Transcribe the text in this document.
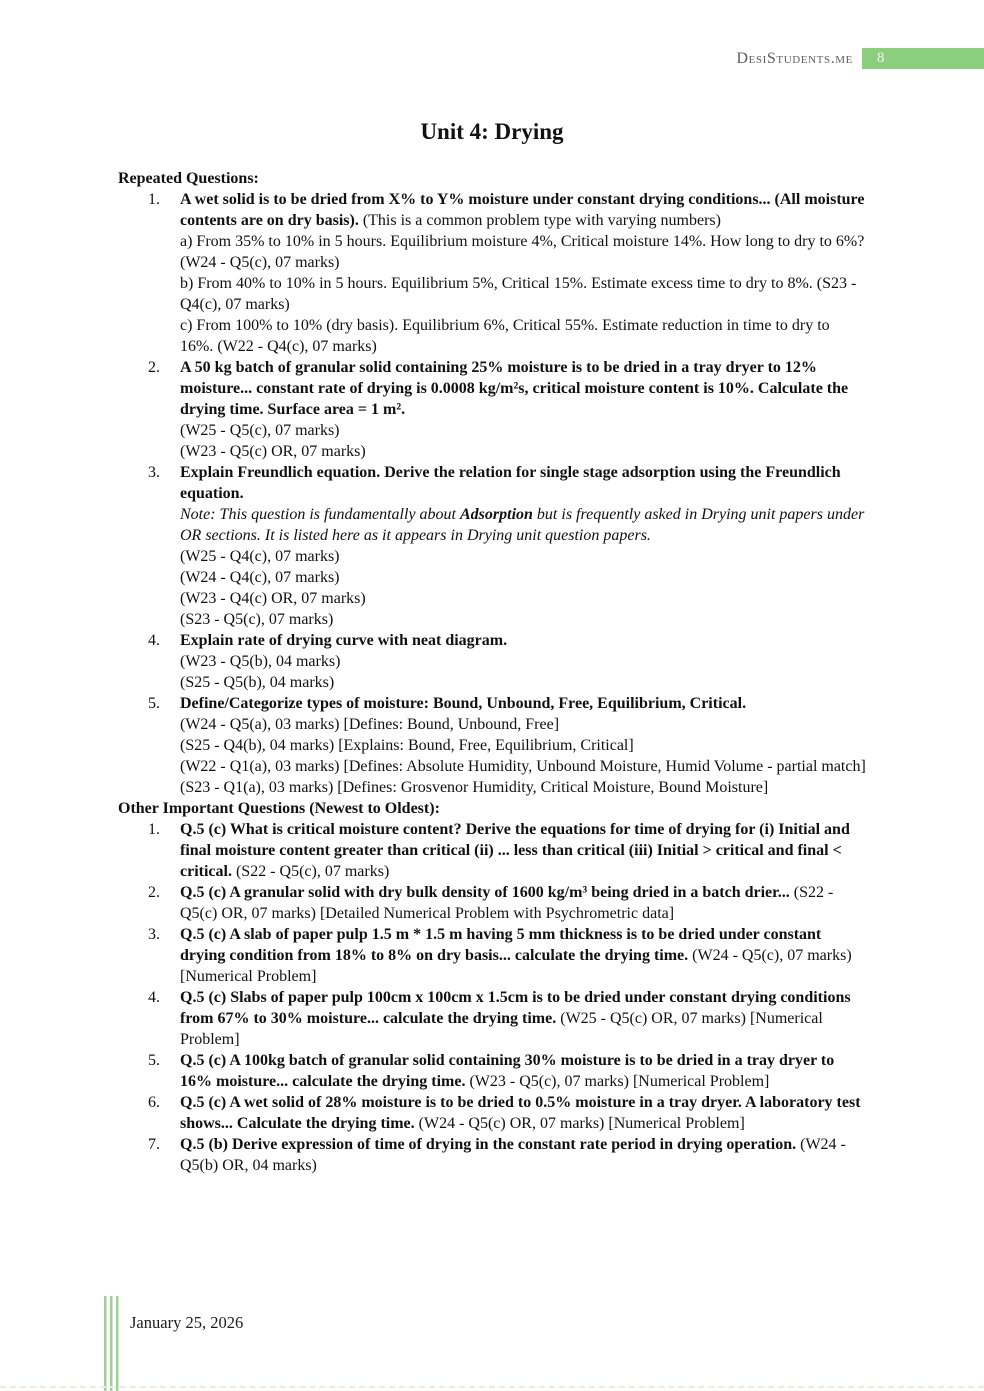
DesiStudents.me 8
Unit 4: Drying
Repeated Questions:
1.	A wet solid is to be dried from X% to Y% moisture under constant drying conditions... (All moisture contents are on dry basis). (This is a common problem type with varying numbers)
a) From 35% to 10% in 5 hours. Equilibrium moisture 4%, Critical moisture 14%. How long to dry to 6%? (W24 - Q5(c), 07 marks)
b) From 40% to 10% in 5 hours. Equilibrium 5%, Critical 15%. Estimate excess time to dry to 8%. (S23 - Q4(c), 07 marks)
c) From 100% to 10% (dry basis). Equilibrium 6%, Critical 55%. Estimate reduction in time to dry to 16%. (W22 - Q4(c), 07 marks)
2.	A 50 kg batch of granular solid containing 25% moisture is to be dried in a tray dryer to 12% moisture... constant rate of drying is 0.0008 kg/m²s, critical moisture content is 10%. Calculate the drying time. Surface area = 1 m².
(W25 - Q5(c), 07 marks)
(W23 - Q5(c) OR, 07 marks)
3.	Explain Freundlich equation. Derive the relation for single stage adsorption using the Freundlich equation.
Note: This question is fundamentally about Adsorption but is frequently asked in Drying unit papers under OR sections. It is listed here as it appears in Drying unit question papers.
(W25 - Q4(c), 07 marks)
(W24 - Q4(c), 07 marks)
(W23 - Q4(c) OR, 07 marks)
(S23 - Q5(c), 07 marks)
4.	Explain rate of drying curve with neat diagram.
(W23 - Q5(b), 04 marks)
(S25 - Q5(b), 04 marks)
5.	Define/Categorize types of moisture: Bound, Unbound, Free, Equilibrium, Critical.
(W24 - Q5(a), 03 marks) [Defines: Bound, Unbound, Free]
(S25 - Q4(b), 04 marks) [Explains: Bound, Free, Equilibrium, Critical]
(W22 - Q1(a), 03 marks) [Defines: Absolute Humidity, Unbound Moisture, Humid Volume - partial match]
(S23 - Q1(a), 03 marks) [Defines: Grosvenor Humidity, Critical Moisture, Bound Moisture]
Other Important Questions (Newest to Oldest):
1.	Q.5 (c) What is critical moisture content? Derive the equations for time of drying for (i) Initial and final moisture content greater than critical (ii) ... less than critical (iii) Initial > critical and final < critical. (S22 - Q5(c), 07 marks)
2.	Q.5 (c) A granular solid with dry bulk density of 1600 kg/m³ being dried in a batch drier... (S22 - Q5(c) OR, 07 marks) [Detailed Numerical Problem with Psychrometric data]
3.	Q.5 (c) A slab of paper pulp 1.5 m * 1.5 m having 5 mm thickness is to be dried under constant drying condition from 18% to 8% on dry basis... calculate the drying time. (W24 - Q5(c), 07 marks) [Numerical Problem]
4.	Q.5 (c) Slabs of paper pulp 100cm x 100cm x 1.5cm is to be dried under constant drying conditions from 67% to 30% moisture... calculate the drying time. (W25 - Q5(c) OR, 07 marks) [Numerical Problem]
5.	Q.5 (c) A 100kg batch of granular solid containing 30% moisture is to be dried in a tray dryer to 16% moisture... calculate the drying time. (W23 - Q5(c), 07 marks) [Numerical Problem]
6.	Q.5 (c) A wet solid of 28% moisture is to be dried to 0.5% moisture in a tray dryer. A laboratory test shows... Calculate the drying time. (W24 - Q5(c) OR, 07 marks) [Numerical Problem]
7.	Q.5 (b) Derive expression of time of drying in the constant rate period in drying operation. (W24 - Q5(b) OR, 04 marks)
January 25, 2026
